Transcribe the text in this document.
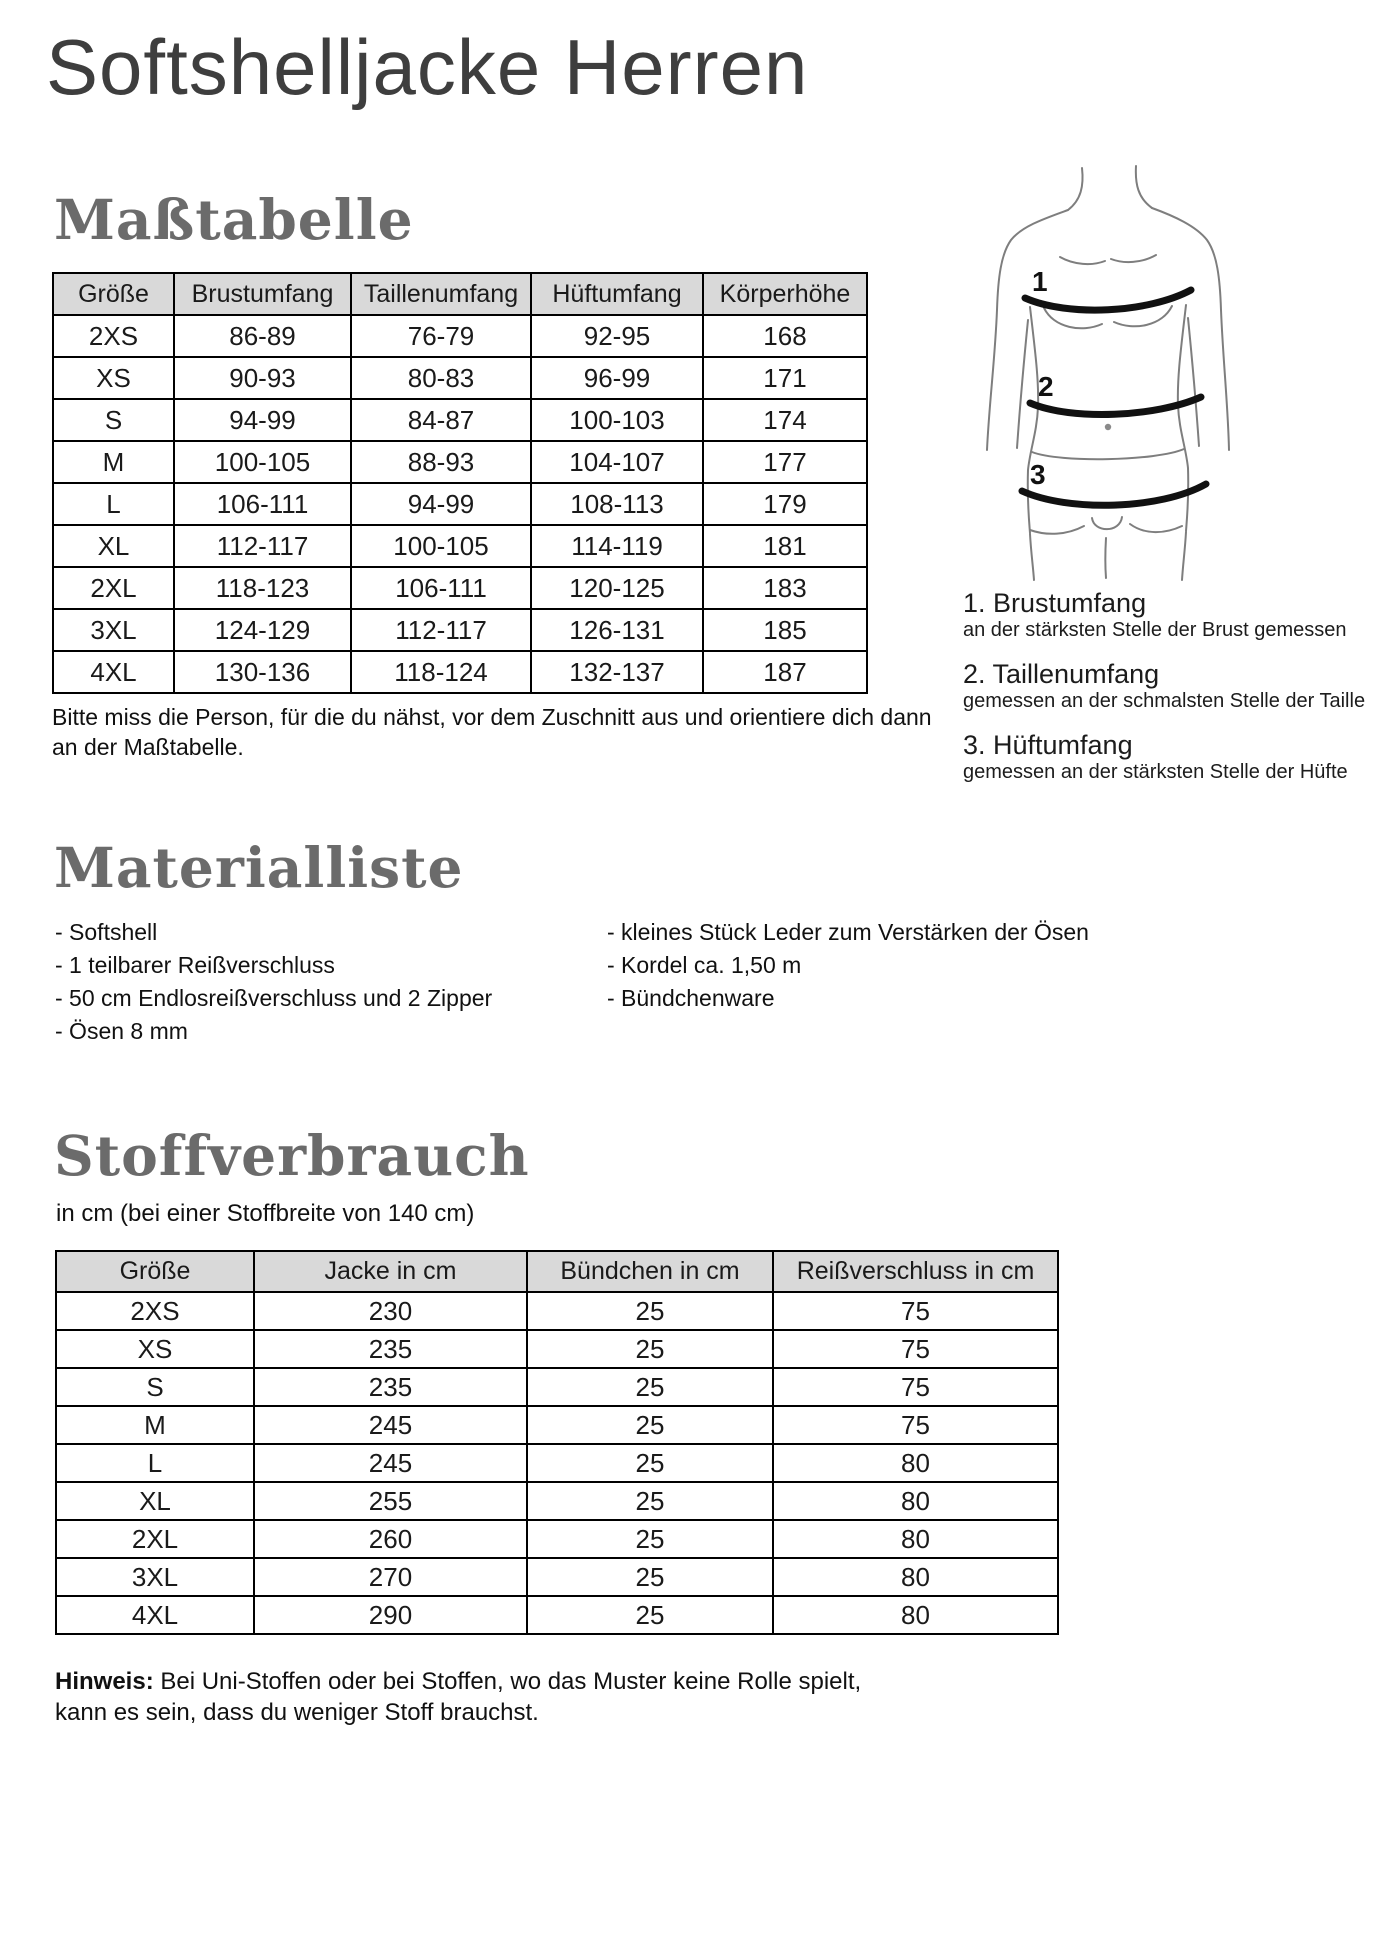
Softshelljacke Herren
Maßtabelle
Größe	Brustumfang	Taillenumfang	Hüftumfang	Körperhöhe
2XS	86-89	76-79	92-95	168
XS	90-93	80-83	96-99	171
S	94-99	84-87	100-103	174
M	100-105	88-93	104-107	177
L	106-111	94-99	108-113	179
XL	112-117	100-105	114-119	181
2XL	118-123	106-111	120-125	183
3XL	124-129	112-117	126-131	185
4XL	130-136	118-124	132-137	187
Bitte miss die Person, für die du nähst, vor dem Zuschnitt aus und orientiere dich dann an der Maßtabelle.
1
2
3
1. Brustumfang
an der stärksten Stelle der Brust gemessen
2. Taillenumfang
gemessen an der schmalsten Stelle der Taille
3. Hüftumfang
gemessen an der stärksten Stelle der Hüfte
Materialliste
- Softshell
- 1 teilbarer Reißverschluss
- 50 cm Endlosreißverschluss und 2 Zipper
- Ösen 8 mm
- kleines Stück Leder zum Verstärken der Ösen
- Kordel ca. 1,50 m
- Bündchenware
Stoffverbrauch
in cm (bei einer Stoffbreite von 140 cm)
Größe	Jacke in cm	Bündchen in cm	Reißverschluss in cm
2XS	230	25	75
XS	235	25	75
S	235	25	75
M	245	25	75
L	245	25	80
XL	255	25	80
2XL	260	25	80
3XL	270	25	80
4XL	290	25	80
Hinweis: Bei Uni-Stoffen oder bei Stoffen, wo das Muster keine Rolle spielt, kann es sein, dass du weniger Stoff brauchst.
